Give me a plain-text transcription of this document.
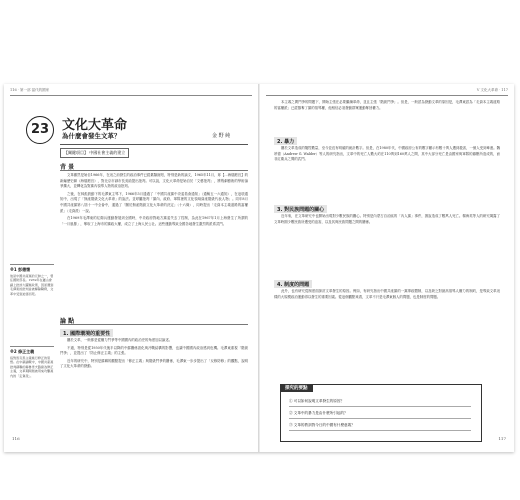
116 · 第一部 當代的國家
23 文化大革命
為什麼會發生文革？	金 野 純
【關鍵項目】 中國社會主義的建立
背 景

文革雖然是始自1966年，在這之前發生的政治事件已經舊隔縮短，特別是新的論文，1965年11月，妳【...海瑞罷官】的新編歷史劇《海瑞罷官》，對北京市副市長吳晗提出批判。可以說，文化大革命是始自於「文藝批判」，將戲劇藝術的學術論爭擴大，並轉化為對黨內領導人物的政治批判。

之後，在林彪鼓動下的毛澤東主導下，1966年5月通過了「中國共產黨中央委員會通知」（通稱五一六通知），在這項通知中，出現了「無產階級文化大革命」的說法。並呼籲批判「黨內、政府、軍隊裡的文化領域資產階級代表人物」。同年8月中國共產黨第八屆十一中全會中，通過了「關於無產階級文化大革命的決定」（十六條），同時提出「走資本主義道路的當權派」（走資派）一說。

在1969年毛澤東的紅衛兵運動發展到全國時，中央政府對地方黨委失去了控制，為此在1967年1月上海發生了所謂的「一月風暴」，奪取了上海市的黨政大權，成立了上海人民公社。這些運動導致全國各地發生激烈的派系武鬥。

論 點
1. 國際環境的重要性

關於文革，一般都是從權力鬥爭等中國國內的政治史的角度加以論述。

不過，特別是從1950年代後半以降的中蘇關係惡化與冷戰結構的影響，也讓中國國內政治感到危機。毛澤東重視「階級鬥爭」，並提出了「防止修正主義」的主張。

近年的研究中，特別是蘇聯的觀點提出「修正主義」與階級鬥爭的關係，毛澤東一步步提出了「反修防修」的觀點，說明了文化大革命的發動。

※1 彭德懷
他是中國共產黨的元帥之一，曾任國防部長。1959年在廬山會議上批評大躍進政策，因而遭到毛澤東的批判並被解除職務，文革中受到迫害而死。
※2 修正主義
指對馬克思主義進行修正的思想。在中蘇論戰中，中國共產黨批判蘇聯的赫魯雪夫路線為修正主義，文革期間則被用來攻擊黨內的「走資派」。
116
V 文化大革命 · 117

本主義之間鬥爭的問題下，開始主張在必要繼續革命，並且主張「階級鬥爭」。但是，一般認為發動文革的原因是，毛澤東認為「走資本主義道路的當權派」已經篡奪了黨的領導權，他相信必須發動群眾運動奪回權力。

2. 暴力

關於文革造成的犧牲數量，至今並沒有明確的統計數字。但是，在1980年代，中國政府公布的數字顯示有數十萬人遭到殺害，一億人受到牽連。魏昂德（Andrew G. Walder）等人的研究指出，文革中的死亡人數大約在110萬到160萬人之間，其中大部分死亡是由國家與軍隊的鎮壓所造成的，而非紅衛兵之間的武鬥。

3. 對民族問題的關心

近年來，在文革研究中也開始出現對少數民族的關心。特別是內蒙古自治區的「內人黨」事件，據說造成了數萬人死亡。楊海英等人的研究揭露了文革時期少數民族所遭受的迫害，以及其與民族問題之間的關係。

4. 制度的問題

此外，也有研究從制度面探討文革發生的原因。例如，有研究指出中國共產黨的一黨專政體制，以及缺乏對最高領導人權力的制約，是導致文革這樣的大規模政治運動得以發生的重要因素。從這個觀點來看，文革不只是毛澤東個人的問題，也是制度的問題。

探究的要點
① 可以如何說明文革發生的原因？
② 文革中的暴力是由什麼所引起的？
③ 文革的教訓對今日的中國有什麼意義？
117
